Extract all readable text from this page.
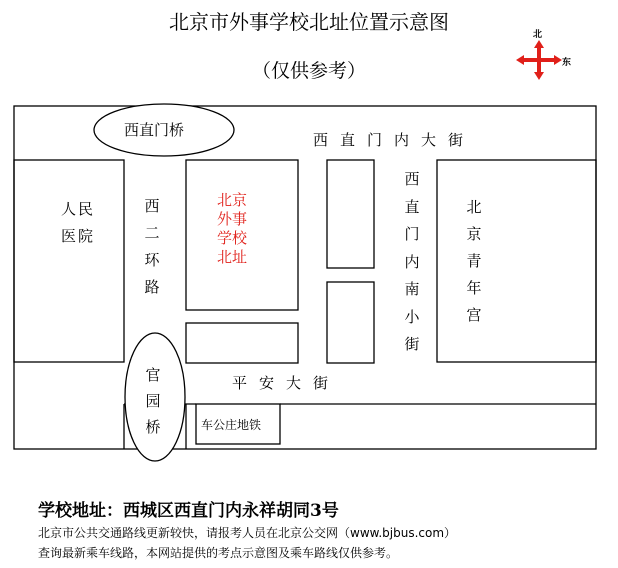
北京市外事学校北址位置示意图
（仅供参考）
北
东
西直门桥
西直门内大街
人民医院
西二环路
北京外事学校北址
西直门内南小街
北京青年宫
官园桥
平安大街
车公庄地铁
学校地址：西城区西直门内永祥胡同3号
北京市公共交通路线更新较快，请报考人员在北京公交网（www.bjbus.com）
查询最新乘车线路，本网站提供的考点示意图及乘车路线仅供参考。
